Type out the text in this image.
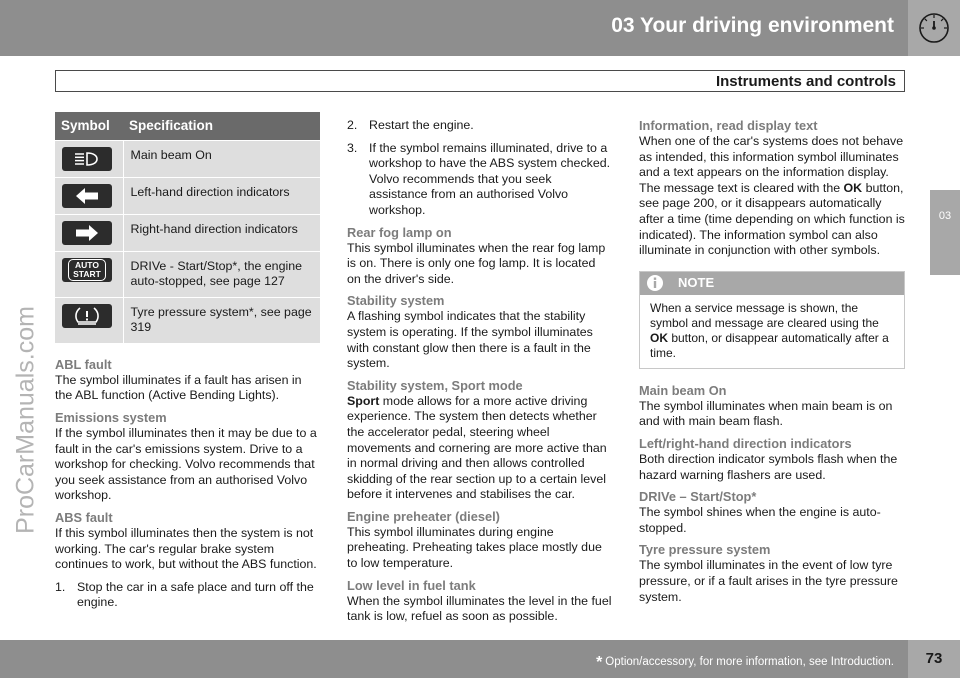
03 Your driving environment
Instruments and controls
03
ProCarManuals.com
Symbol	Specification

	Main beam On

	Left-hand direction indicators

	Right-hand direction indicators

AUTO
START	DRIVe - Start/Stop*, the engine auto-stopped, see page 127

	Tyre pressure system*, see page 319
ABL fault

The symbol illuminates if a fault has arisen in the ABL function (Active Bending Lights).

Emissions system

If the symbol illuminates then it may be due to a fault in the car's emissions system. Drive to a workshop for checking. Volvo recommends that you seek assistance from an authorised Volvo workshop.

ABS fault

If this symbol illuminates then the system is not working. The car's regular brake system continues to work, but without the ABS function.

1. Stop the car in a safe place and turn off the engine.
2. Restart the engine.
3. If the symbol remains illuminated, drive to a workshop to have the ABS system checked. Volvo recommends that you seek assistance from an authorised Volvo workshop.
Rear fog lamp on

This symbol illuminates when the rear fog lamp is on. There is only one fog lamp. It is located on the driver's side.

Stability system

A flashing symbol indicates that the stability system is operating. If the symbol illuminates with constant glow then there is a fault in the system.

Stability system, Sport mode

Sport mode allows for a more active driving experience. The system then detects whether the accelerator pedal, steering wheel movements and cornering are more active than in normal driving and then allows controlled skidding of the rear section up to a certain level before it intervenes and stabilises the car.

Engine preheater (diesel)

This symbol illuminates during engine preheating. Preheating takes place mostly due to low temperature.

Low level in fuel tank

When the symbol illuminates the level in the fuel tank is low, refuel as soon as possible.

Information, read display text

When one of the car's systems does not behave as intended, this information symbol illuminates and a text appears on the information display. The message text is cleared with the OK button, see page 200, or it disappears automatically after a time (time depending on which function is indicated). The information symbol can also illuminate in conjunction with other symbols.

NOTE
When a service message is shown, the symbol and message are cleared using the OK button, or disappear automatically after a time.
Main beam On

The symbol illuminates when main beam is on and with main beam flash.

Left/right-hand direction indicators

Both direction indicator symbols flash when the hazard warning flashers are used.

DRIVe – Start/Stop*

The symbol shines when the engine is auto-stopped.

Tyre pressure system

The symbol illuminates in the event of low tyre pressure, or if a fault arises in the tyre pressure system.

* Option/accessory, for more information, see Introduction.	73
